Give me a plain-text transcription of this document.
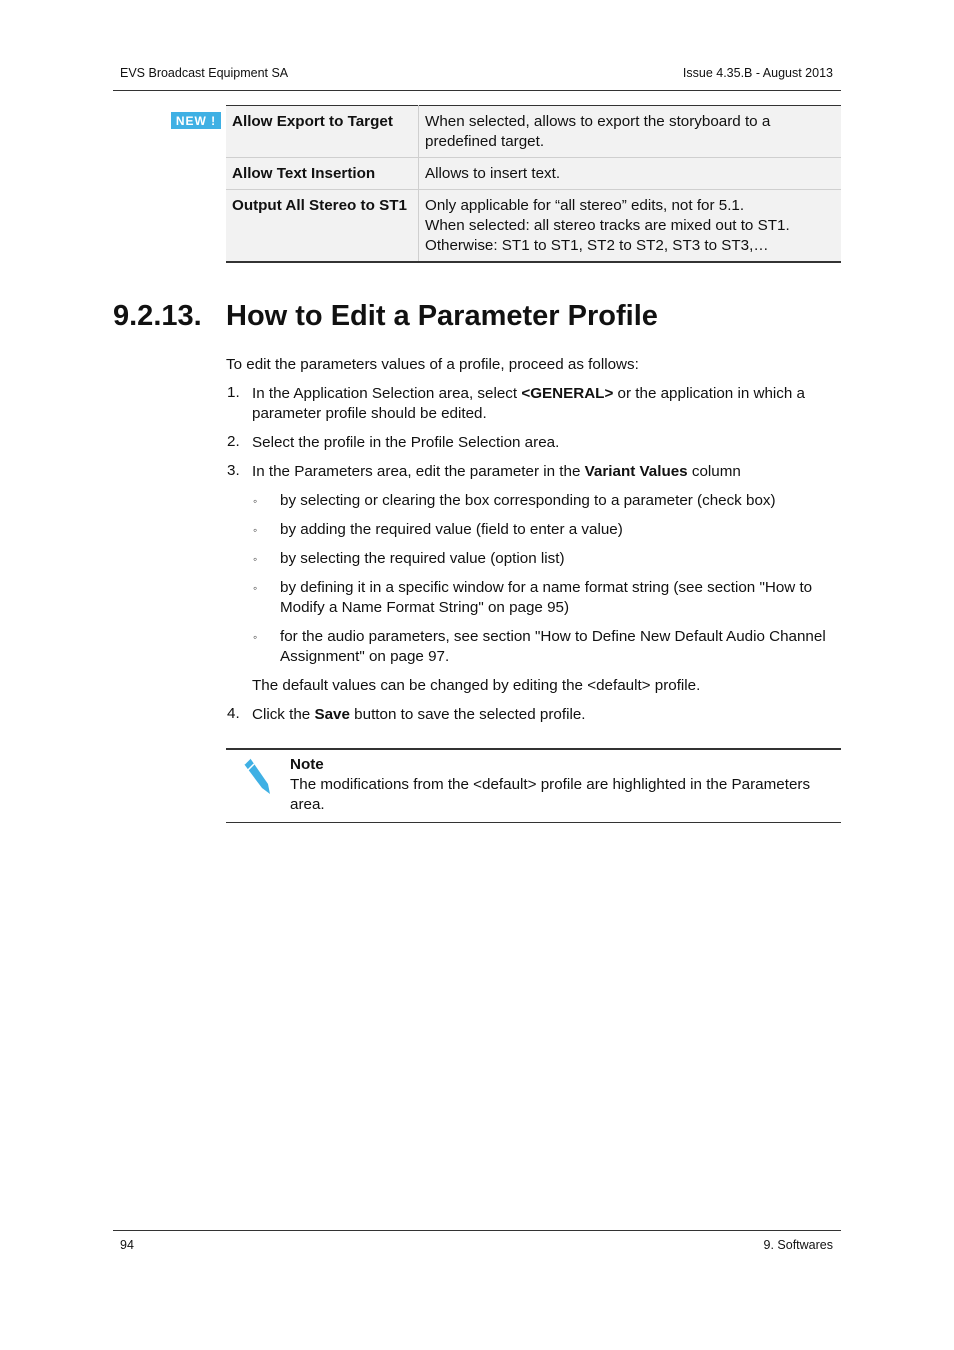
EVS Broadcast Equipment SA	Issue 4.35.B - August 2013
NEW !	Allow Export to Target	When selected, allows to export the storyboard to a predefined target.

Allow Text Insertion	Allows to insert text.

Output All Stereo to ST1	Only applicable for “all stereo” edits, not for 5.1.
When selected: all stereo tracks are mixed out to ST1.
Otherwise: ST1 to ST1, ST2 to ST2, ST3 to ST3,…
9.2.13. How to Edit a Parameter Profile
To edit the parameters values of a profile, proceed as follows:
1. In the Application Selection area, select <GENERAL> or the application in which a parameter profile should be edited.
2. Select the profile in the Profile Selection area.
3. In the Parameters area, edit the parameter in the Variant Values column
◦ by selecting or clearing the box corresponding to a parameter (check box)
◦ by adding the required value (field to enter a value)
◦ by selecting the required value (option list)
◦ by defining it in a specific window for a name format string (see section "How to Modify a Name Format String" on page 95)
◦ for the audio parameters, see section "How to Define New Default Audio Channel Assignment" on page 97.
The default values can be changed by editing the <default> profile.
4. Click the Save button to save the selected profile.
Note
The modifications from the <default> profile are highlighted in the Parameters area.
94	9. Softwares
